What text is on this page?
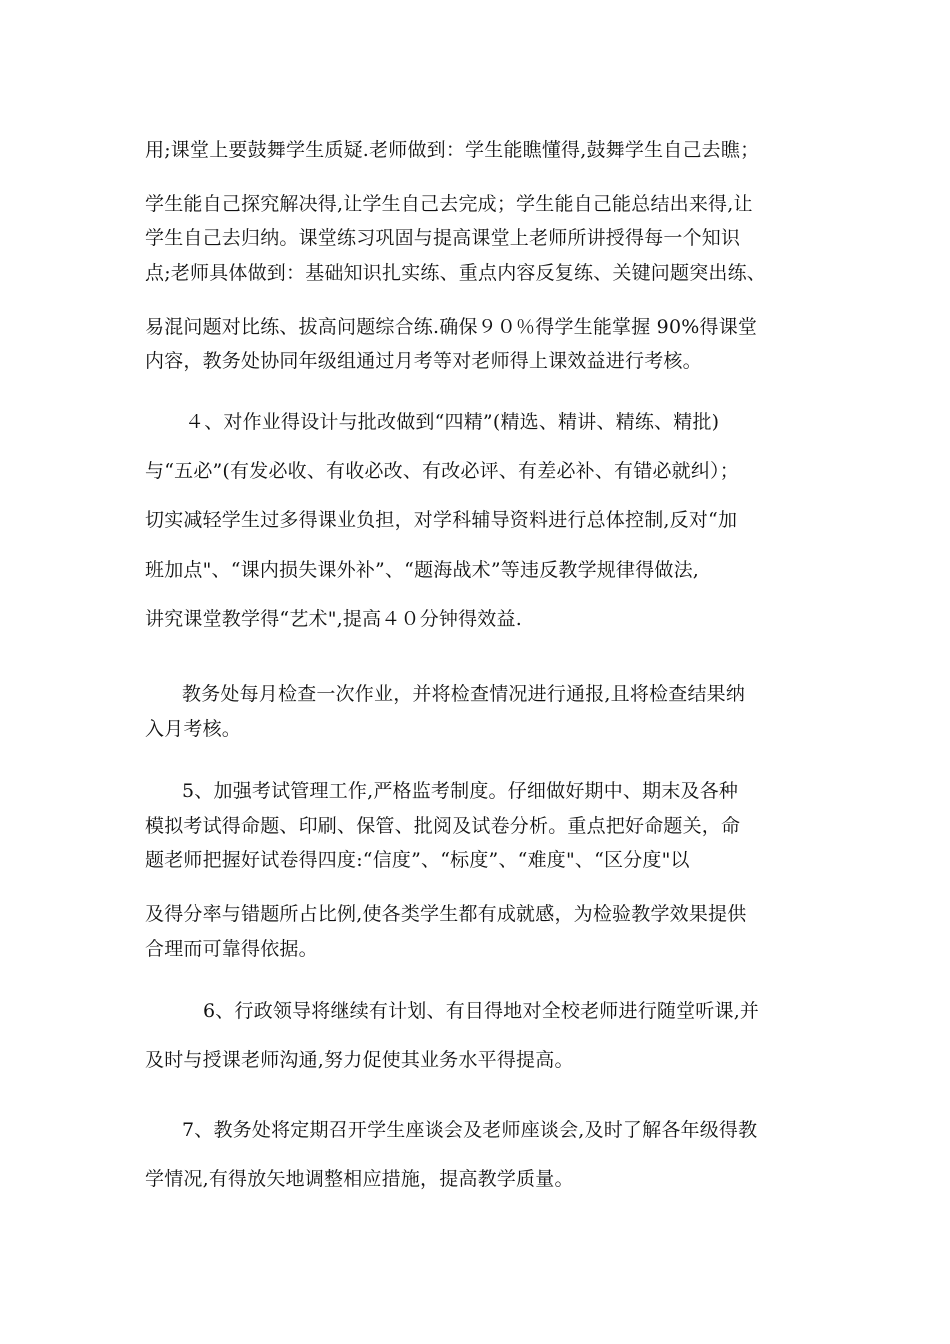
用;课堂上要鼓舞学生质疑.老师做到：学生能瞧懂得,鼓舞学生自己去瞧；
学生能自己探究解决得,让学生自己去完成；学生能自己能总结出来得,让
学生自己去归纳。课堂练习巩固与提高课堂上老师所讲授得每一个知识
点;老师具体做到：基础知识扎实练、重点内容反复练、关键问题突出练、
易混问题对比练、拔高问题综合练.确保９０％得学生能掌握 90%得课堂
内容，教务处协同年级组通过月考等对老师得上课效益进行考核。
４、对作业得设计与批改做到“四精”(精选、精讲、精练、精批)
与“五必”(有发必收、有收必改、有改必评、有差必补、有错必就纠）；
切实减轻学生过多得课业负担，对学科辅导资料进行总体控制,反对“加
班加点"、“课内损失课外补”、“题海战术”等违反教学规律得做法,
讲究课堂教学得“艺术",提高４０分钟得效益.
教务处每月检查一次作业，并将检查情况进行通报,且将检查结果纳
入月考核。
5、加强考试管理工作,严格监考制度。仔细做好期中、期末及各种
模拟考试得命题、印刷、保管、批阅及试卷分析。重点把好命题关，命
题老师把握好试卷得四度:“信度”、“标度”、“难度"、“区分度"以
及得分率与错题所占比例,使各类学生都有成就感，为检验教学效果提供
合理而可靠得依据。
6、行政领导将继续有计划、有目得地对全校老师进行随堂听课,并
及时与授课老师沟通,努力促使其业务水平得提高。
7、教务处将定期召开学生座谈会及老师座谈会,及时了解各年级得教
学情况,有得放矢地调整相应措施，提高教学质量。
